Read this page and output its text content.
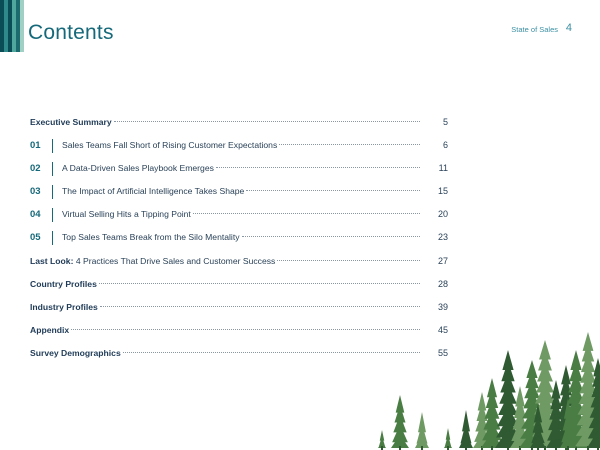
Contents	State of Sales 4
Executive Summary	5
01	Sales Teams Fall Short of Rising Customer Expectations	6
02	A Data-Driven Sales Playbook Emerges	11
03	The Impact of Artificial Intelligence Takes Shape	15
04	Virtual Selling Hits a Tipping Point	20
05	Top Sales Teams Break from the Silo Mentality	23
Last Look: 4 Practices That Drive Sales and Customer Success	27
Country Profiles	28
Industry Profiles	39
Appendix	45
Survey Demographics	55
